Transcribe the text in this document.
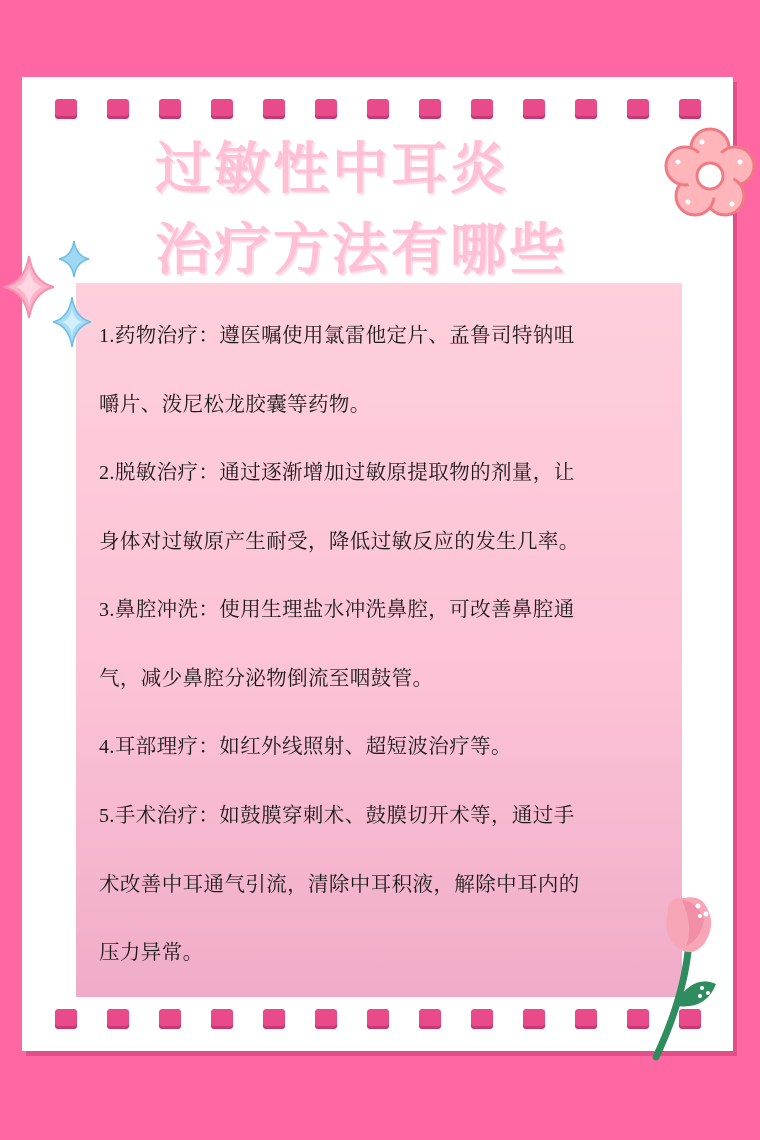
过敏性中耳炎
治疗方法有哪些

1.药物治疗：遵医嘱使用氯雷他定片、孟鲁司特钠咀

嚼片、泼尼松龙胶囊等药物。

2.脱敏治疗：通过逐渐增加过敏原提取物的剂量，让

身体对过敏原产生耐受，降低过敏反应的发生几率。

3.鼻腔冲洗：使用生理盐水冲洗鼻腔，可改善鼻腔通

气，减少鼻腔分泌物倒流至咽鼓管。

4.耳部理疗：如红外线照射、超短波治疗等。

5.手术治疗：如鼓膜穿刺术、鼓膜切开术等，通过手

术改善中耳通气引流，清除中耳积液，解除中耳内的

压力异常。
